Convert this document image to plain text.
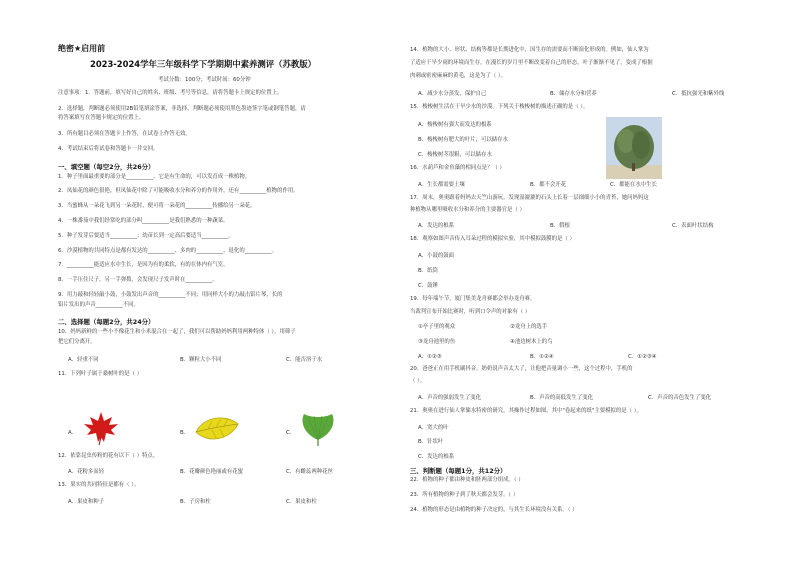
绝密★启用前
2023-2024学年三年级科学下学期期中素养测评（苏教版）
考试分数：100分；考试时间：60分钟
注意事项：1．答题前，填写好自己的姓名、班级、考号等信息，请将答题卡上规定的位置上。
2．选择题，判断题必须使用2B铅笔填涂答案，非选择、判断题必须使用黑色墨迹签字笔或钢笔答题，请
将答案填写在答题卡规定的位置上。
3．所有题目必须在答题卡上作答，在试卷上作答无效。
4．考试结束后将试卷和答题卡一并交回。
一、填空题（每空2分，共26分）
1．种子里面最重要的部分是__________，它是有生命的，可以发育成一株植物。
2．凤仙花的颜色很艳，但凤仙花中除了可能吸收水分和养分的作用外，还有__________植物的作用。
3．当蜜蜂从一朵花飞到另一朵花时，便可将一朵花的__________传播给另一朵花。
4．一株番茄中我们经常吃的部分叫__________是我们熟悉的一种蔬菜。
5．种子发芽后要适当__________；幼苗长到一定高后要适当__________。
6．沙漠植物的共同特点是都有发达的__________、多肉的__________、退化的__________。
7．__________能适应水中生长，是因为有的柔软，有的在体内有气室。
8．一手压住尺子，另一手弹拨，会发现尺子发声时在__________。
9．用力敲和轻轻敲小鼓，小鼓发出声音的__________不同；用同样大小的力敲击铝片琴，长的
铝片发出的声音__________不同。
二、选择题（每题2分，共24分）
10．妈妈新鲜的一些小不像花生和小米混合在一起了，我们可以帮助妈妈利用两种特体（ ），用筛子
把它们分离开。
A．轻重不同	B．颗粒大小不同	C．能否溶于水
11．下列叶子属于桑树叶的是（ ）
A．	B．	C．
12．依靠昆虫传粉的花有以下（ ）特点。
A．花粉多而轻	B．花瓣颜色艳丽或有花蜜	C．有雌蕊两种花丝
13．果实的共同特征是都有（ ）。
A．果皮和种子	B．子房和柱	C．果皮和柱
14．植物的大小、形状、结构等都是长期进化中，因生存的需要而不断演化形成的。例如，仙人掌为
了适应干旱少雨的环境而生存，在漫长的岁月里不断改变着自己的形态，叶子渐渐不见了，变成了根据
肉刺或密密麻麻的黄毛，这是为了（ ）。
A．减少水分蒸发，保护自己	B．储存水分和营养	C．抵抗强光和紫外线
15．梭梭树生活在干旱少水的沙漠。下列关于梭梭树的描述正确的是（ ）。
A．梭梭树有强大而发达的根系
B．梭梭树有肥大的叶片，可以储存水
C．梭梭树茎很粗，可以储存水
16．水葫芦和金鱼藻的相同点是？（ ）
A．生长都需要土壤	B．都不会开花	C．都能在水中生长
17．周末，奥奥跟着妈妈去天竺山游玩，发现湿漉漉的石头上长着一层细细小小的青苔，她问妈妈这
种植物从哪里吸收水分和养分的主要器官是（ ）
A．发达的根系	B．假根	C．表面叶状结构
18．观察如图声音传入耳朵过程的模拟实验，其中模拟鼓膜的是（ ）
A．小鼓的鼓面
B．纸筒
C．鼓锤
19．每年端午节，厦门集美龙舟赛都会举办龙舟赛，
当裁判宣布开始比赛时，听到口令声的对象有（ ）
①亭子里的观众	②龙舟上的选手
③龙舟池里的鱼	④池边树木上的鸟
A．①②③	B．①②④	C．①②③④
20．爸爸正在用手机刷抖音，奶奶说声音太大了，让他把音量调小一些，这个过程中，手机的
（ ）。
A．声音的强弱发生了变化	B．声音的高低发生了变化	C．声音的音色发生了变化
21．奥奥在进行仙人掌储水特密的研究，其操作过程如图，其中"卷起来的纸"主要模拟的是（ ）。
A．宽大的叶
B．针状叶
C．发达的根系
三、判断题（每题1分，共12分）
22．植物的种子都由种皮和胚两部分组成。（ ）
23．所有植物的种子到了秋天都会发芽。（ ）
24．植物的形态是由植物的种子决定的，与其生长环境没有关系。（ ）
